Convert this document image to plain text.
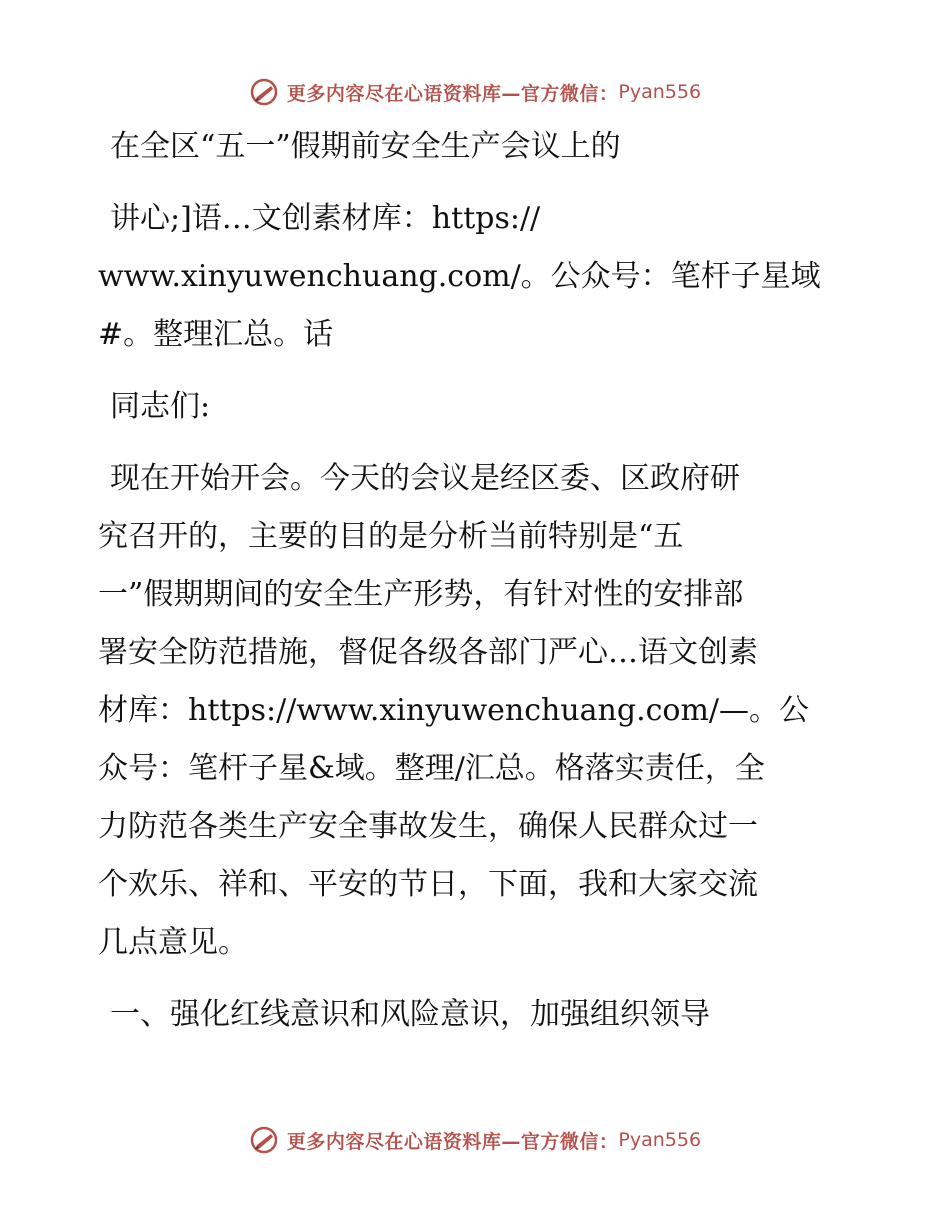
更多内容尽在心语资料库—官方微信： Pyan556

在全区“五一”假期前安全生产会议上的

讲心;]语…文创素材库：https://

www.xinyuwenchuang.com/。公众号：笔杆子星域

#。整理汇总。话

同志们:

现在开始开会。今天的会议是经区委、区政府研

究召开的，主要的目的是分析当前特别是“五

一”假期期间的安全生产形势，有针对性的安排部

署安全防范措施，督促各级各部门严心…语文创素

材库：https://www.xinyuwenchuang.com/—。公

众号：笔杆子星&域。整理/汇总。格落实责任，全

力防范各类生产安全事故发生，确保人民群众过一

个欢乐、祥和、平安的节日，下面，我和大家交流

几点意见。

一、强化红线意识和风险意识，加强组织领导

更多内容尽在心语资料库—官方微信： Pyan556
